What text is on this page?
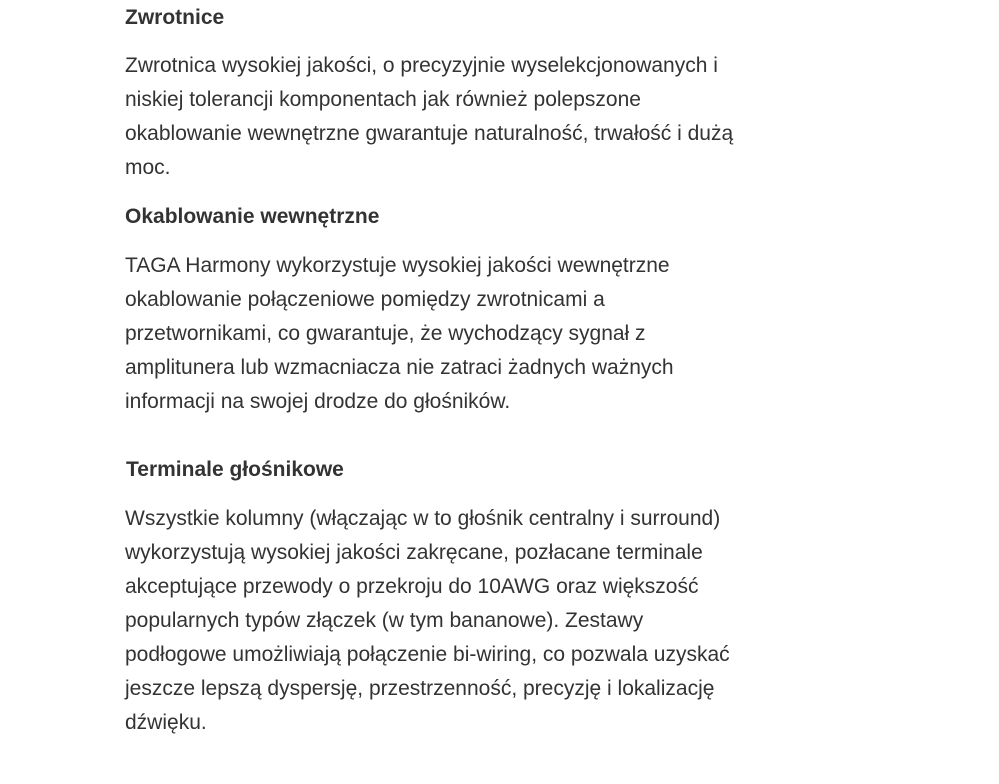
Zwrotnice

Zwrotnica wysokiej jakości, o precyzyjnie wyselekcjonowanych i
niskiej tolerancji komponentach jak również polepszone
okablowanie wewnętrzne gwarantuje naturalność, trwałość i dużą
moc.

Okablowanie wewnętrzne

TAGA Harmony wykorzystuje wysokiej jakości wewnętrzne
okablowanie połączeniowe pomiędzy zwrotnicami a
przetwornikami, co gwarantuje, że wychodzący sygnał z
amplitunera lub wzmacniacza nie zatraci żadnych ważnych
informacji na swojej drodze do głośników.

Terminale głośnikowe

Wszystkie kolumny (włączając w to głośnik centralny i surround)
wykorzystują wysokiej jakości zakręcane, pozłacane terminale
akceptujące przewody o przekroju do 10AWG oraz większość
popularnych typów złączek (w tym bananowe). Zestawy
podłogowe umożliwiają połączenie bi-wiring, co pozwala uzyskać
jeszcze lepszą dyspersję, przestrzenność, precyzję i lokalizację
dźwięku.
